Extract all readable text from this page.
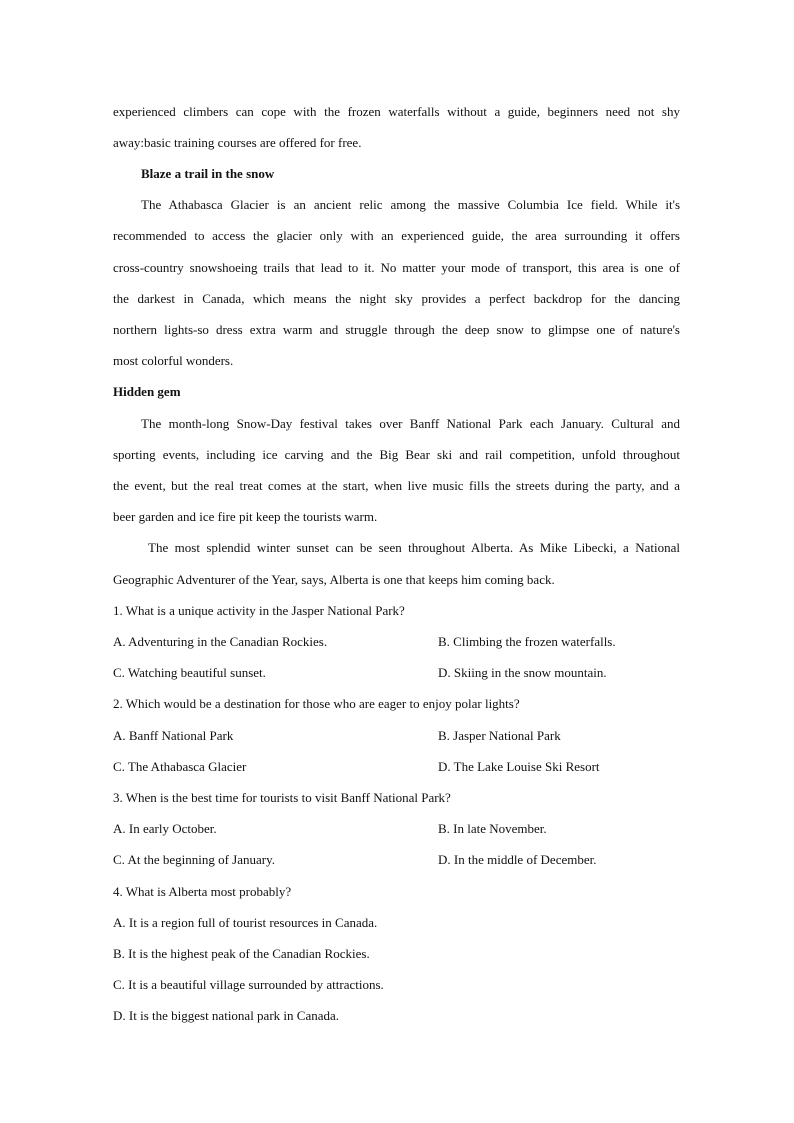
experienced climbers can cope with the frozen waterfalls without a guide, beginners need not shy
away:basic training courses are offered for free.
Blaze a trail in the snow
The Athabasca Glacier is an ancient relic among the massive Columbia Ice field. While it's
recommended to access the glacier only with an experienced guide, the area surrounding it offers
cross-country snowshoeing trails that lead to it. No matter your mode of transport, this area is one of
the darkest in Canada, which means the night sky provides a perfect backdrop for the dancing
northern lights-so dress extra warm and struggle through the deep snow to glimpse one of nature's
most colorful wonders.
Hidden gem
The month-long Snow-Day festival takes over Banff National Park each January. Cultural and
sporting events, including ice carving and the Big Bear ski and rail competition, unfold throughout
the event, but the real treat comes at the start, when live music fills the streets during the party, and a
beer garden and ice fire pit keep the tourists warm.
The most splendid winter sunset can be seen throughout Alberta. As Mike Libecki, a National
Geographic Adventurer of the Year, says, Alberta is one that keeps him coming back.
1. What is a unique activity in the Jasper National Park?
A. Adventuring in the Canadian Rockies.	B. Climbing the frozen waterfalls.
C. Watching beautiful sunset.	D. Skiing in the snow mountain.
2. Which would be a destination for those who are eager to enjoy polar lights?
A. Banff National Park	B. Jasper National Park
C. The Athabasca Glacier	D. The Lake Louise Ski Resort
3. When is the best time for tourists to visit Banff National Park?
A. In early October.	B. In late November.
C. At the beginning of January.	D. In the middle of December.
4. What is Alberta most probably?
A. It is a region full of tourist resources in Canada.
B. It is the highest peak of the Canadian Rockies.
C. It is a beautiful village surrounded by attractions.
D. It is the biggest national park in Canada.
